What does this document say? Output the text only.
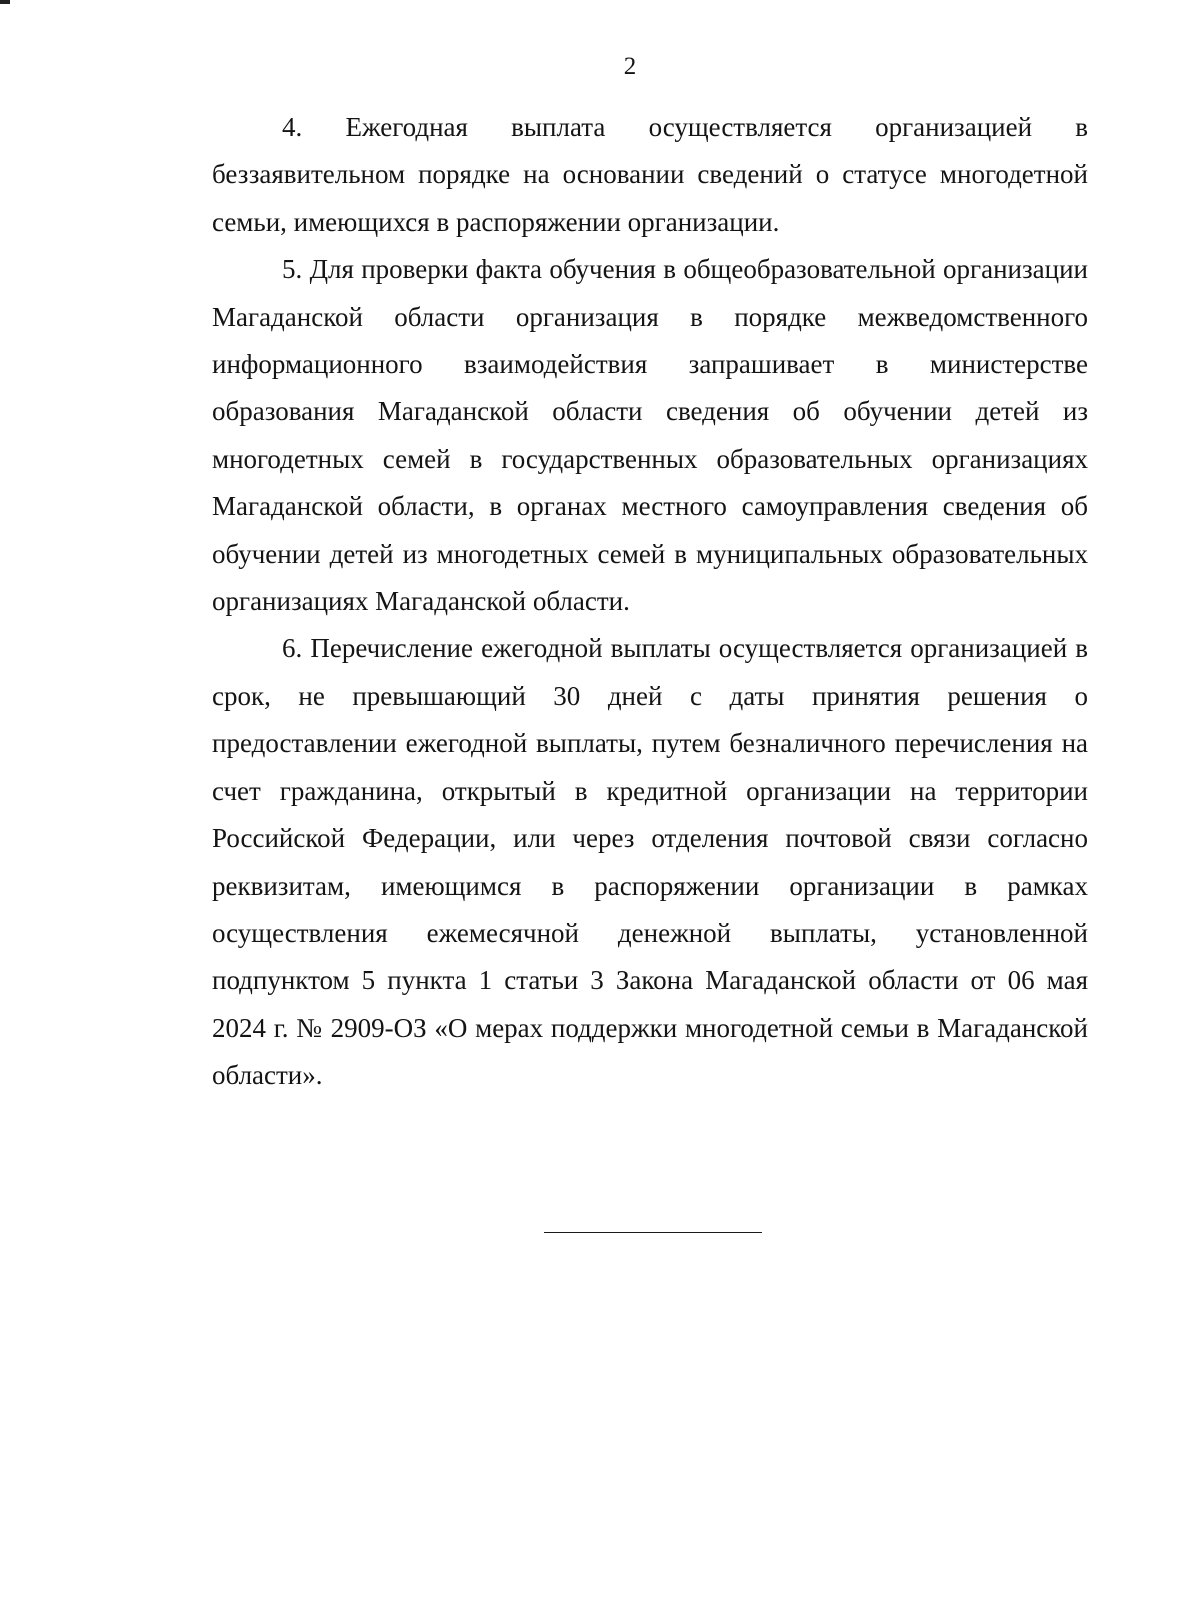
2

4. Ежегодная выплата осуществляется организацией в беззаявительном порядке на основании сведений о статусе многодетной семьи, имеющихся в распоряжении организации.

5. Для проверки факта обучения в общеобразовательной организации Магаданской области организация в порядке межведомственного информационного взаимодействия запрашивает в министерстве образования Магаданской области сведения об обучении детей из многодетных семей в государственных образовательных организациях Магаданской области, в органах местного самоуправления сведения об обучении детей из многодетных семей в муниципальных образовательных организациях Магаданской области.

6. Перечисление ежегодной выплаты осуществляется организацией в срок, не превышающий 30 дней с даты принятия решения о предоставлении ежегодной выплаты, путем безналичного перечисления на счет гражданина, открытый в кредитной организации на территории Российской Федерации, или через отделения почтовой связи согласно реквизитам, имеющимся в распоряжении организации в рамках осуществления ежемесячной денежной выплаты, установленной подпунктом 5 пункта 1 статьи 3 Закона Магаданской области от 06 мая 2024 г. № 2909-ОЗ «О мерах поддержки многодетной семьи в Магаданской области».
